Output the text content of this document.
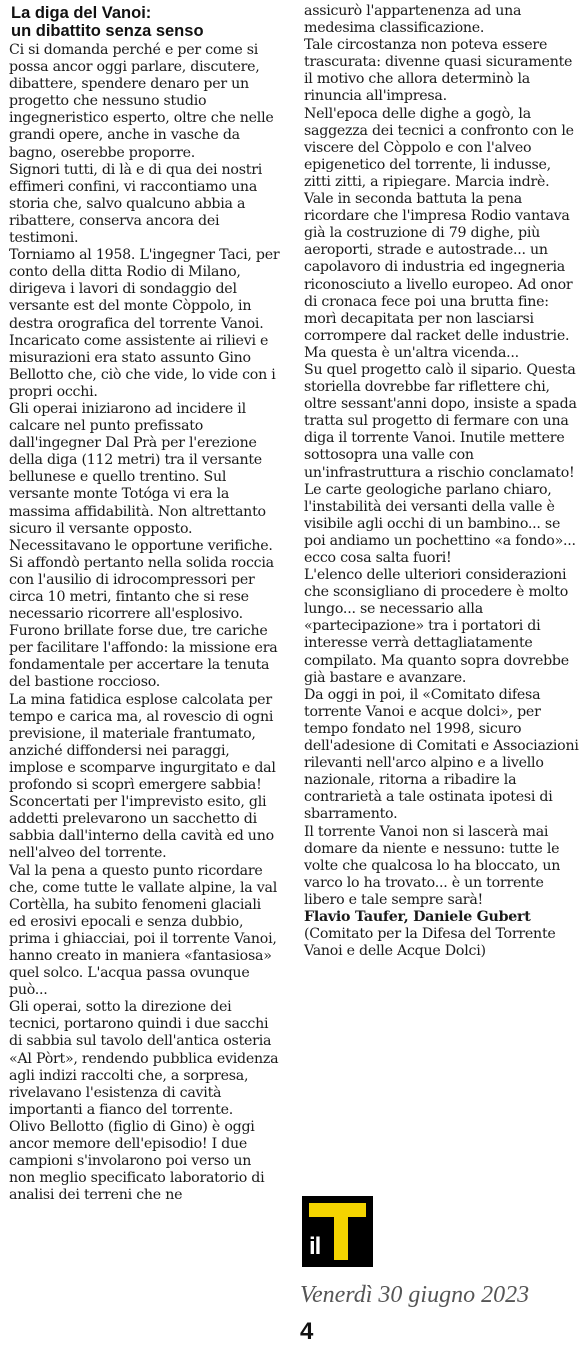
La diga del Vanoi:
un dibattito senza senso

Ci si domanda perché e per come si possa ancor oggi parlare, discutere, dibattere, spendere denaro per un progetto che nessuno studio ingegneristico esperto, oltre che nelle grandi opere, anche in vasche da bagno, oserebbe proporre.

Signori tutti, di là e di qua dei nostri effimeri confini, vi raccontiamo una storia che, salvo qualcuno abbia a ribattere, conserva ancora dei testimoni.

Torniamo al 1958. L'ingegner Taci, per conto della ditta Rodio di Milano, dirigeva i lavori di sondaggio del versante est del monte Còppolo, in destra orografica del torrente Vanoi.

Incaricato come assistente ai rilievi e misurazioni era stato assunto Gino Bellotto che, ciò che vide, lo vide con i propri occhi.

Gli operai iniziarono ad incidere il calcare nel punto prefissato dall'ingegner Dal Prà per l'erezione della diga (112 metri) tra il versante bellunese e quello trentino. Sul versante monte Totóga vi era la massima affidabilità. Non altrettanto sicuro il versante opposto. Necessitavano le opportune verifiche. Si affondò pertanto nella solida roccia con l'ausilio di idrocompressori per circa 10 metri, fintanto che si rese necessario ricorrere all'esplosivo.

Furono brillate forse due, tre cariche per facilitare l'affondo: la missione era fondamentale per accertare la tenuta del bastione roccioso.

La mina fatidica esplose calcolata per tempo e carica ma, al rovescio di ogni previsione, il materiale frantumato, anziché diffondersi nei paraggi, implose e scomparve ingurgitato e dal profondo si scoprì emergere sabbia! Sconcertati per l'imprevisto esito, gli addetti prelevarono un sacchetto di sabbia dall'interno della cavità ed uno nell'alveo del torrente.

Val la pena a questo punto ricordare che, come tutte le vallate alpine, la val Cortèlla, ha subito fenomeni glaciali ed erosivi epocali e senza dubbio, prima i ghiacciai, poi il torrente Vanoi, hanno creato in maniera «fantasiosa» quel solco. L'acqua passa ovunque può...

Gli operai, sotto la direzione dei tecnici, portarono quindi i due sacchi di sabbia sul tavolo dell'antica osteria «Al Pòrt», rendendo pubblica evidenza agli indizi raccolti che, a sorpresa, rivelavano l'esistenza di cavità importanti a fianco del torrente.

Olivo Bellotto (figlio di Gino) è oggi ancor memore dell'episodio! I due campioni s'involarono poi verso un non meglio specificato laboratorio di analisi dei terreni che ne

assicurò l'appartenenza ad una medesima classificazione.

Tale circostanza non poteva essere trascurata: divenne quasi sicuramente il motivo che allora determinò la rinuncia all'impresa.

Nell'epoca delle dighe a gogò, la saggezza dei tecnici a confronto con le viscere del Còppolo e con l'alveo epigenetico del torrente, li indusse, zitti zitti, a ripiegare. Marcia indrè.

Vale in seconda battuta la pena ricordare che l'impresa Rodio vantava già la costruzione di 79 dighe, più aeroporti, strade e autostrade... un capolavoro di industria ed ingegneria riconosciuto a livello europeo. Ad onor di cronaca fece poi una brutta fine: morì decapitata per non lasciarsi corrompere dal racket delle industrie. Ma questa è un'altra vicenda...

Su quel progetto calò il sipario. Questa storiella dovrebbe far riflettere chi, oltre sessant'anni dopo, insiste a spada tratta sul progetto di fermare con una diga il torrente Vanoi. Inutile mettere sottosopra una valle con un'infrastruttura a rischio conclamato! Le carte geologiche parlano chiaro, l'instabilità dei versanti della valle è visibile agli occhi di un bambino... se poi andiamo un pochettino «a fondo»... ecco cosa salta fuori!

L'elenco delle ulteriori considerazioni che sconsigliano di procedere è molto lungo... se necessario alla «partecipazione» tra i portatori di interesse verrà dettagliatamente compilato. Ma quanto sopra dovrebbe già bastare e avanzare.

Da oggi in poi, il «Comitato difesa torrente Vanoi e acque dolci», per tempo fondato nel 1998, sicuro dell'adesione di Comitati e Associazioni rilevanti nell'arco alpino e a livello nazionale, ritorna a ribadire la contrarietà a tale ostinata ipotesi di sbarramento.

Il torrente Vanoi non si lascerà mai domare da niente e nessuno: tutte le volte che qualcosa lo ha bloccato, un varco lo ha trovato... è un torrente libero e tale sempre sarà!

Flavio Taufer, Daniele Gubert

(Comitato per la Difesa del Torrente Vanoi e delle Acque Dolci)

il
Venerdì 30 giugno 2023
4
